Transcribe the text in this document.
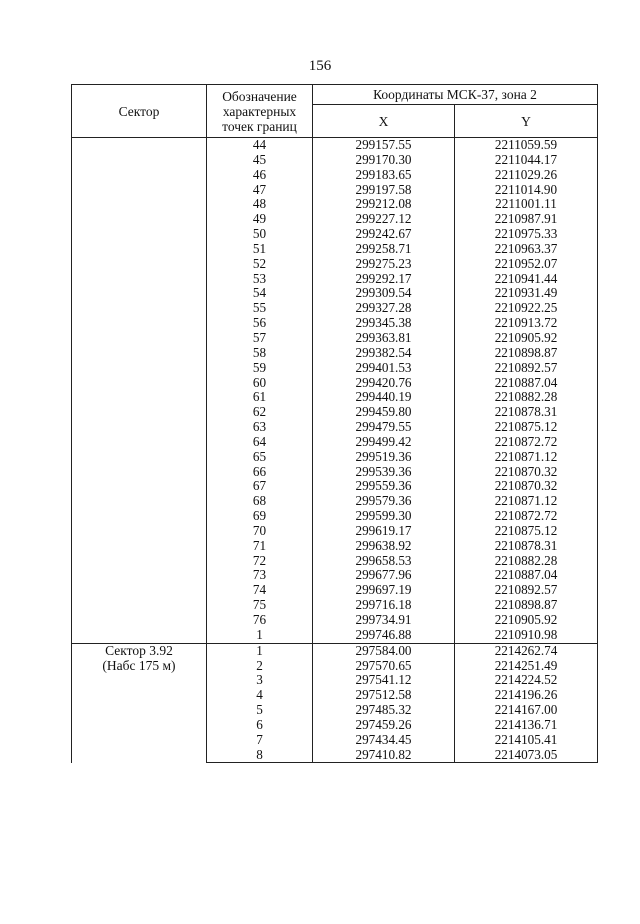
156
Сектор	Обозначение характерных точек границ	Координаты МСК-37, зона 2	
		X	Y
	44	299157.55	2211059.59
	45	299170.30	2211044.17
	46	299183.65	2211029.26
	47	299197.58	2211014.90
	48	299212.08	2211001.11
	49	299227.12	2210987.91
	50	299242.67	2210975.33
	51	299258.71	2210963.37
	52	299275.23	2210952.07
	53	299292.17	2210941.44
	54	299309.54	2210931.49
	55	299327.28	2210922.25
	56	299345.38	2210913.72
	57	299363.81	2210905.92
	58	299382.54	2210898.87
	59	299401.53	2210892.57
	60	299420.76	2210887.04
	61	299440.19	2210882.28
	62	299459.80	2210878.31
	63	299479.55	2210875.12
	64	299499.42	2210872.72
	65	299519.36	2210871.12
	66	299539.36	2210870.32
	67	299559.36	2210870.32
	68	299579.36	2210871.12
	69	299599.30	2210872.72
	70	299619.17	2210875.12
	71	299638.92	2210878.31
	72	299658.53	2210882.28
	73	299677.96	2210887.04
	74	299697.19	2210892.57
	75	299716.18	2210898.87
	76	299734.91	2210905.92
	1	299746.88	2210910.98
Сектор 3.92
(Набс 175 м)	1	297584.00	2214262.74
	2	297570.65	2214251.49
	3	297541.12	2214224.52
	4	297512.58	2214196.26
	5	297485.32	2214167.00
	6	297459.26	2214136.71
	7	297434.45	2214105.41
	8	297410.82	2214073.05
